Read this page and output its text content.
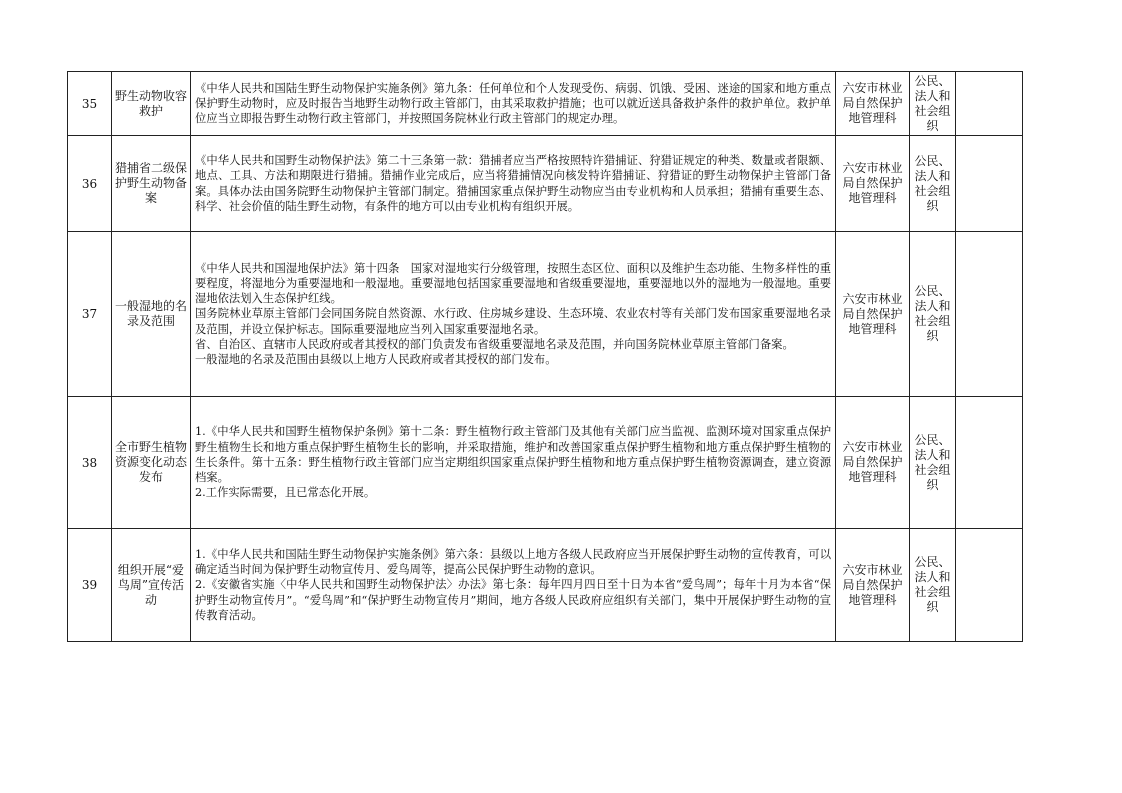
35	野生动物收容救护	《中华人民共和国陆生野生动物保护实施条例》第九条：任何单位和个人发现受伤、病弱、饥饿、受困、迷途的国家和地方重点保护野生动物时，应及时报告当地野生动物行政主管部门，由其采取救护措施；也可以就近送具备救护条件的救护单位。救护单位应当立即报告野生动物行政主管部门，并按照国务院林业行政主管部门的规定办理。	六安市林业局自然保护地管理科	公民、法人和社会组织	
36	猎捕省二级保护野生动物备案	《中华人民共和国野生动物保护法》第二十三条第一款：猎捕者应当严格按照特许猎捕证、狩猎证规定的种类、数量或者限额、地点、工具、方法和期限进行猎捕。猎捕作业完成后，应当将猎捕情况向核发特许猎捕证、狩猎证的野生动物保护主管部门备案。具体办法由国务院野生动物保护主管部门制定。猎捕国家重点保护野生动物应当由专业机构和人员承担；猎捕有重要生态、科学、社会价值的陆生野生动物，有条件的地方可以由专业机构有组织开展。	六安市林业局自然保护地管理科	公民、法人和社会组织	
37	一般湿地的名录及范围	《中华人民共和国湿地保护法》第十四条　国家对湿地实行分级管理，按照生态区位、面积以及维护生态功能、生物多样性的重要程度，将湿地分为重要湿地和一般湿地。重要湿地包括国家重要湿地和省级重要湿地，重要湿地以外的湿地为一般湿地。重要湿地依法划入生态保护红线。
国务院林业草原主管部门会同国务院自然资源、水行政、住房城乡建设、生态环境、农业农村等有关部门发布国家重要湿地名录及范围，并设立保护标志。国际重要湿地应当列入国家重要湿地名录。
省、自治区、直辖市人民政府或者其授权的部门负责发布省级重要湿地名录及范围，并向国务院林业草原主管部门备案。
一般湿地的名录及范围由县级以上地方人民政府或者其授权的部门发布。	六安市林业局自然保护地管理科	公民、法人和社会组织	
38	全市野生植物资源变化动态发布	1.《中华人民共和国野生植物保护条例》第十二条：野生植物行政主管部门及其他有关部门应当监视、监测环境对国家重点保护野生植物生长和地方重点保护野生植物生长的影响，并采取措施，维护和改善国家重点保护野生植物和地方重点保护野生植物的生长条件。第十五条：野生植物行政主管部门应当定期组织国家重点保护野生植物和地方重点保护野生植物资源调查，建立资源档案。
2.工作实际需要，且已常态化开展。	六安市林业局自然保护地管理科	公民、法人和社会组织	
39	组织开展“爱鸟周”宣传活动	1.《中华人民共和国陆生野生动物保护实施条例》第六条：县级以上地方各级人民政府应当开展保护野生动物的宣传教育，可以确定适当时间为保护野生动物宣传月、爱鸟周等，提高公民保护野生动物的意识。
2.《安徽省实施〈中华人民共和国野生动物保护法〉办法》第七条：每年四月四日至十日为本省“爱鸟周”；每年十月为本省“保护野生动物宣传月”。“爱鸟周”和“保护野生动物宣传月”期间，地方各级人民政府应组织有关部门，集中开展保护野生动物的宣传教育活动。	六安市林业局自然保护地管理科	公民、法人和社会组织	
